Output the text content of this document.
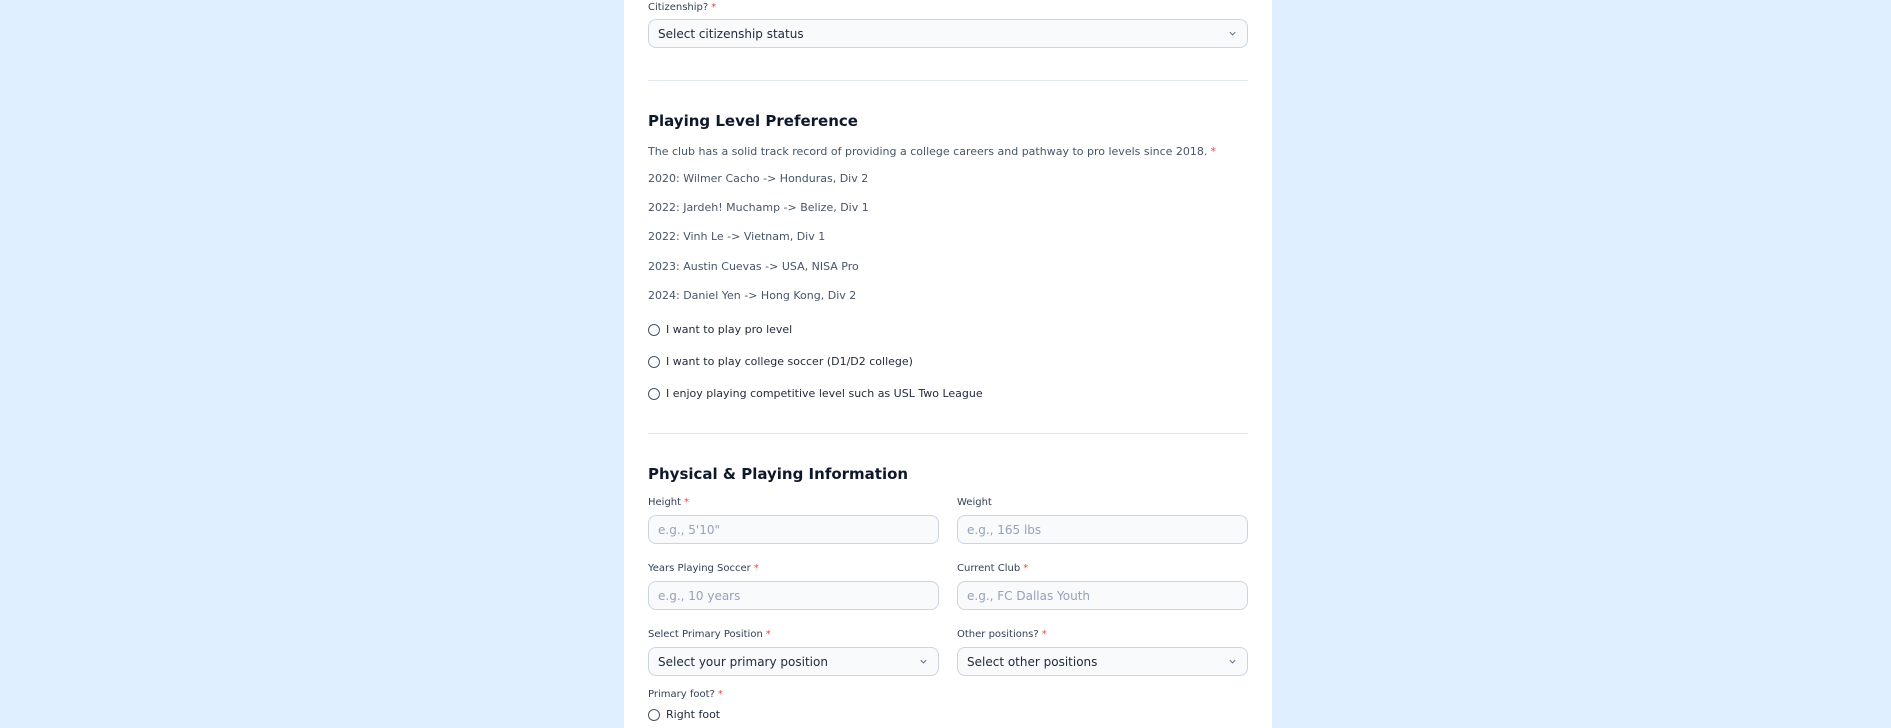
Citizenship? *
Select citizenship status
Playing Level Preference
The club has a solid track record of providing a college careers and pathway to pro levels since 2018. *
2020: Wilmer Cacho -> Honduras, Div 2
2022: Jardeh! Muchamp -> Belize, Div 1
2022: Vinh Le -> Vietnam, Div 1
2023: Austin Cuevas -> USA, NISA Pro
2024: Daniel Yen -> Hong Kong, Div 2
I want to play pro level
I want to play college soccer (D1/D2 college)
I enjoy playing competitive level such as USL Two League
Physical & Playing Information
Height *
e.g., 5'10"	Weight
e.g., 165 lbs
Years Playing Soccer *
e.g., 10 years	Current Club *
e.g., FC Dallas Youth
Select Primary Position *
Select your primary position
Other positions? *
Select other positions
Primary foot? *
Right foot
